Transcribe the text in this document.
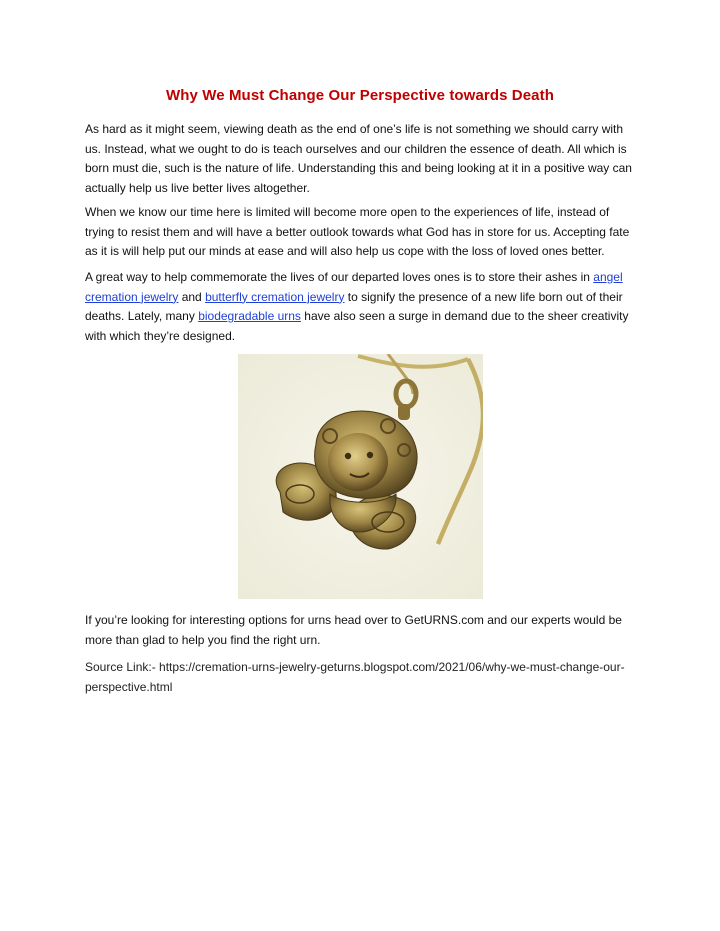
Why We Must Change Our Perspective towards Death
As hard as it might seem, viewing death as the end of one’s life is not something we should carry with us. Instead, what we ought to do is teach ourselves and our children the essence of death. All which is born must die, such is the nature of life. Understanding this and being looking at it in a positive way can actually help us live better lives altogether.
When we know our time here is limited will become more open to the experiences of life, instead of trying to resist them and will have a better outlook towards what God has in store for us. Accepting fate as it is will help put our minds at ease and will also help us cope with the loss of loved ones better.
A great way to help commemorate the lives of our departed loves ones is to store their ashes in angel cremation jewelry and butterfly cremation jewelry to signify the presence of a new life born out of their deaths. Lately, many biodegradable urns have also seen a surge in demand due to the sheer creativity with which they’re designed.
If you’re looking for interesting options for urns head over to GetURNS.com and our experts would be more than glad to help you find the right urn.
Source Link:- https://cremation-urns-jewelry-geturns.blogspot.com/2021/06/why-we-must-change-our-perspective.html
